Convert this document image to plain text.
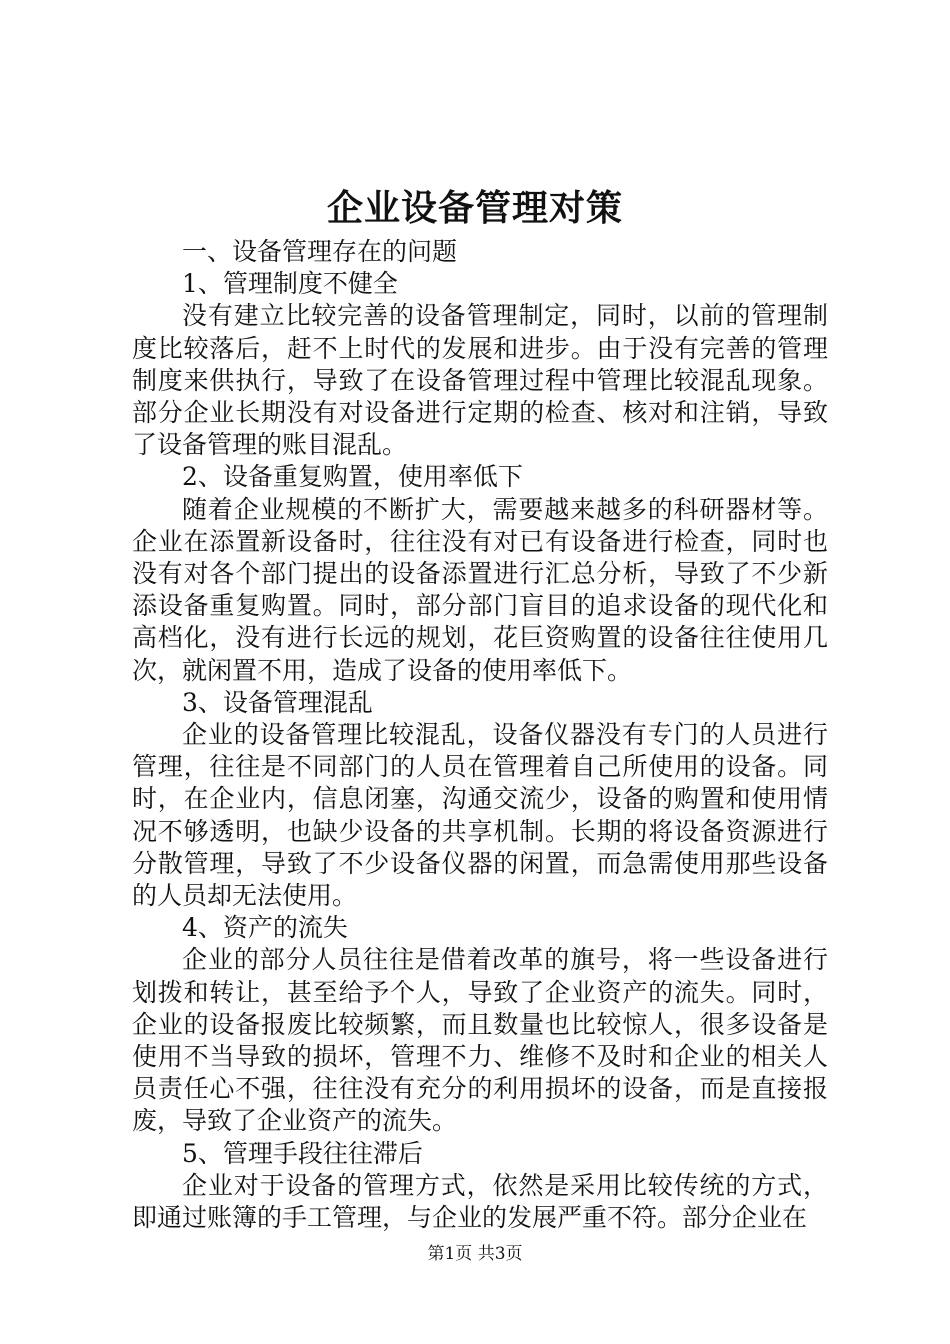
企业设备管理对策

一、设备管理存在的问题

1、管理制度不健全

没有建立比较完善的设备管理制定，同时，以前的管理制度比较落后，赶不上时代的发展和进步。由于没有完善的管理制度来供执行，导致了在设备管理过程中管理比较混乱现象。部分企业长期没有对设备进行定期的检查、核对和注销，导致了设备管理的账目混乱。

2、设备重复购置，使用率低下

随着企业规模的不断扩大，需要越来越多的科研器材等。企业在添置新设备时，往往没有对已有设备进行检查，同时也没有对各个部门提出的设备添置进行汇总分析，导致了不少新添设备重复购置。同时，部分部门盲目的追求设备的现代化和高档化，没有进行长远的规划，花巨资购置的设备往往使用几次，就闲置不用，造成了设备的使用率低下。

3、设备管理混乱

企业的设备管理比较混乱，设备仪器没有专门的人员进行管理，往往是不同部门的人员在管理着自己所使用的设备。同时，在企业内，信息闭塞，沟通交流少，设备的购置和使用情况不够透明，也缺少设备的共享机制。长期的将设备资源进行分散管理，导致了不少设备仪器的闲置，而急需使用那些设备的人员却无法使用。

4、资产的流失

企业的部分人员往往是借着改革的旗号，将一些设备进行划拨和转让，甚至给予个人，导致了企业资产的流失。同时，企业的设备报废比较频繁，而且数量也比较惊人，很多设备是使用不当导致的损坏，管理不力、维修不及时和企业的相关人员责任心不强，往往没有充分的利用损坏的设备，而是直接报废，导致了企业资产的流失。

5、管理手段往往滞后

企业对于设备的管理方式，依然是采用比较传统的方式，即通过账簿的手工管理，与企业的发展严重不符。部分企业在

第1页 共3页
